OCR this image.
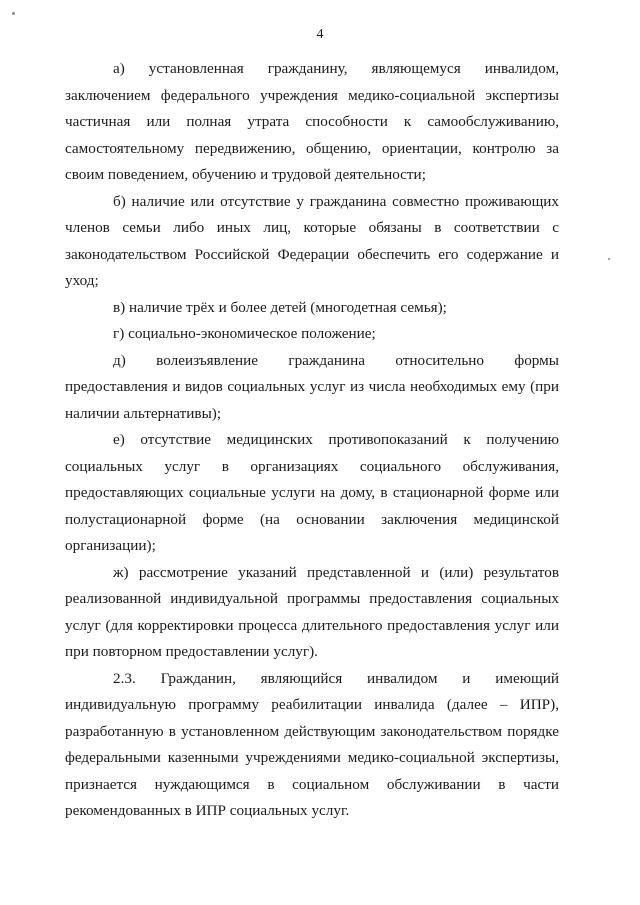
4

а) установленная гражданину, являющемуся инвалидом, заключением федерального учреждения медико-социальной экспертизы частичная или полная утрата способности к самообслуживанию, самостоятельному передвижению, общению, ориентации, контролю за своим поведением, обучению и трудовой деятельности;

б) наличие или отсутствие у гражданина совместно проживающих членов семьи либо иных лиц, которые обязаны в соответствии с законодательством Российской Федерации обеспечить его содержание и уход;

в) наличие трёх и более детей (многодетная семья);

г) социально-экономическое положение;

д) волеизъявление гражданина относительно формы предоставления и видов социальных услуг из числа необходимых ему (при наличии альтернативы);

е) отсутствие медицинских противопоказаний к получению социальных услуг в организациях социального обслуживания, предоставляющих социальные услуги на дому, в стационарной форме или полустационарной форме (на основании заключения медицинской организации);

ж) рассмотрение указаний представленной и (или) результатов реализованной индивидуальной программы предоставления социальных услуг (для корректировки процесса длительного предоставления услуг или при повторном предоставлении услуг).

2.3. Гражданин, являющийся инвалидом и имеющий индивидуальную программу реабилитации инвалида (далее – ИПР), разработанную в установленном действующим законодательством порядке федеральными казенными учреждениями медико-социальной экспертизы, признается нуждающимся в социальном обслуживании в части рекомендованных в ИПР социальных услуг.
